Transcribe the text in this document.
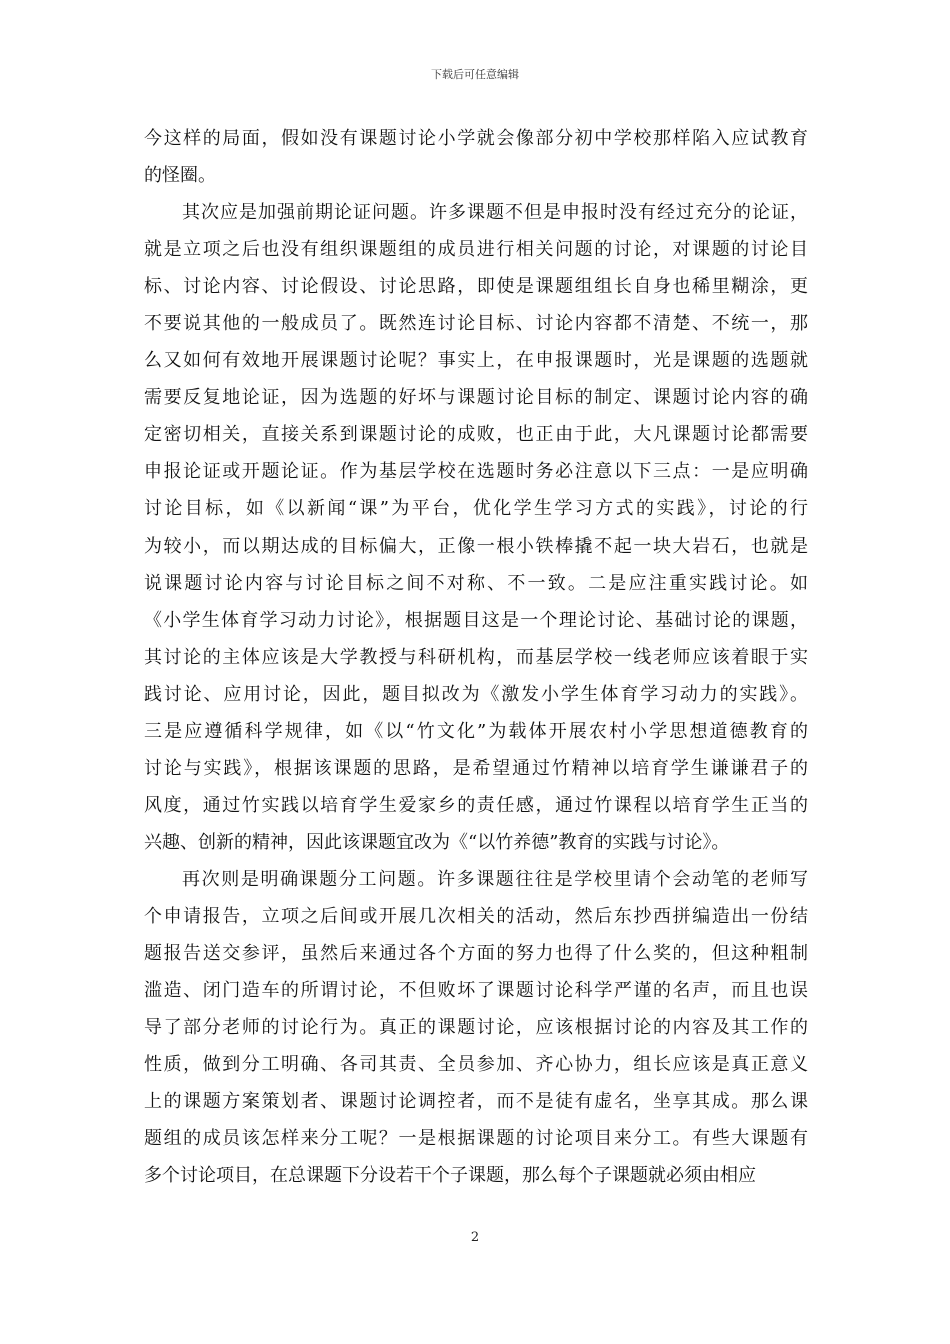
下载后可任意编辑
今这样的局面，假如没有课题讨论小学就会像部分初中学校那样陷入应试教育
的怪圈。
其次应是加强前期论证问题。许多课题不但是申报时没有经过充分的论证，
就是立项之后也没有组织课题组的成员进行相关问题的讨论，对课题的讨论目
标、讨论内容、讨论假设、讨论思路，即使是课题组组长自身也稀里糊涂，更
不要说其他的一般成员了。既然连讨论目标、讨论内容都不清楚、不统一，那
么又如何有效地开展课题讨论呢？事实上，在申报课题时，光是课题的选题就
需要反复地论证，因为选题的好坏与课题讨论目标的制定、课题讨论内容的确
定密切相关，直接关系到课题讨论的成败，也正由于此，大凡课题讨论都需要
申报论证或开题论证。作为基层学校在选题时务必注意以下三点：一是应明确
讨论目标，如《以新闻“课”为平台，优化学生学习方式的实践》，讨论的行
为较小，而以期达成的目标偏大，正像一根小铁棒撬不起一块大岩石，也就是
说课题讨论内容与讨论目标之间不对称、不一致。二是应注重实践讨论。如
《小学生体育学习动力讨论》，根据题目这是一个理论讨论、基础讨论的课题，
其讨论的主体应该是大学教授与科研机构，而基层学校一线老师应该着眼于实
践讨论、应用讨论，因此，题目拟改为《激发小学生体育学习动力的实践》。
三是应遵循科学规律，如《以“竹文化”为载体开展农村小学思想道德教育的
讨论与实践》，根据该课题的思路，是希望通过竹精神以培育学生谦谦君子的
风度，通过竹实践以培育学生爱家乡的责任感，通过竹课程以培育学生正当的
兴趣、创新的精神，因此该课题宜改为《“以竹养德”教育的实践与讨论》。
再次则是明确课题分工问题。许多课题往往是学校里请个会动笔的老师写
个申请报告，立项之后间或开展几次相关的活动，然后东抄西拼编造出一份结
题报告送交参评，虽然后来通过各个方面的努力也得了什么奖的，但这种粗制
滥造、闭门造车的所谓讨论，不但败坏了课题讨论科学严谨的名声，而且也误
导了部分老师的讨论行为。真正的课题讨论，应该根据讨论的内容及其工作的
性质，做到分工明确、各司其责、全员参加、齐心协力，组长应该是真正意义
上的课题方案策划者、课题讨论调控者，而不是徒有虚名，坐享其成。那么课
题组的成员该怎样来分工呢？一是根据课题的讨论项目来分工。有些大课题有
多个讨论项目，在总课题下分设若干个子课题，那么每个子课题就必须由相应
2
